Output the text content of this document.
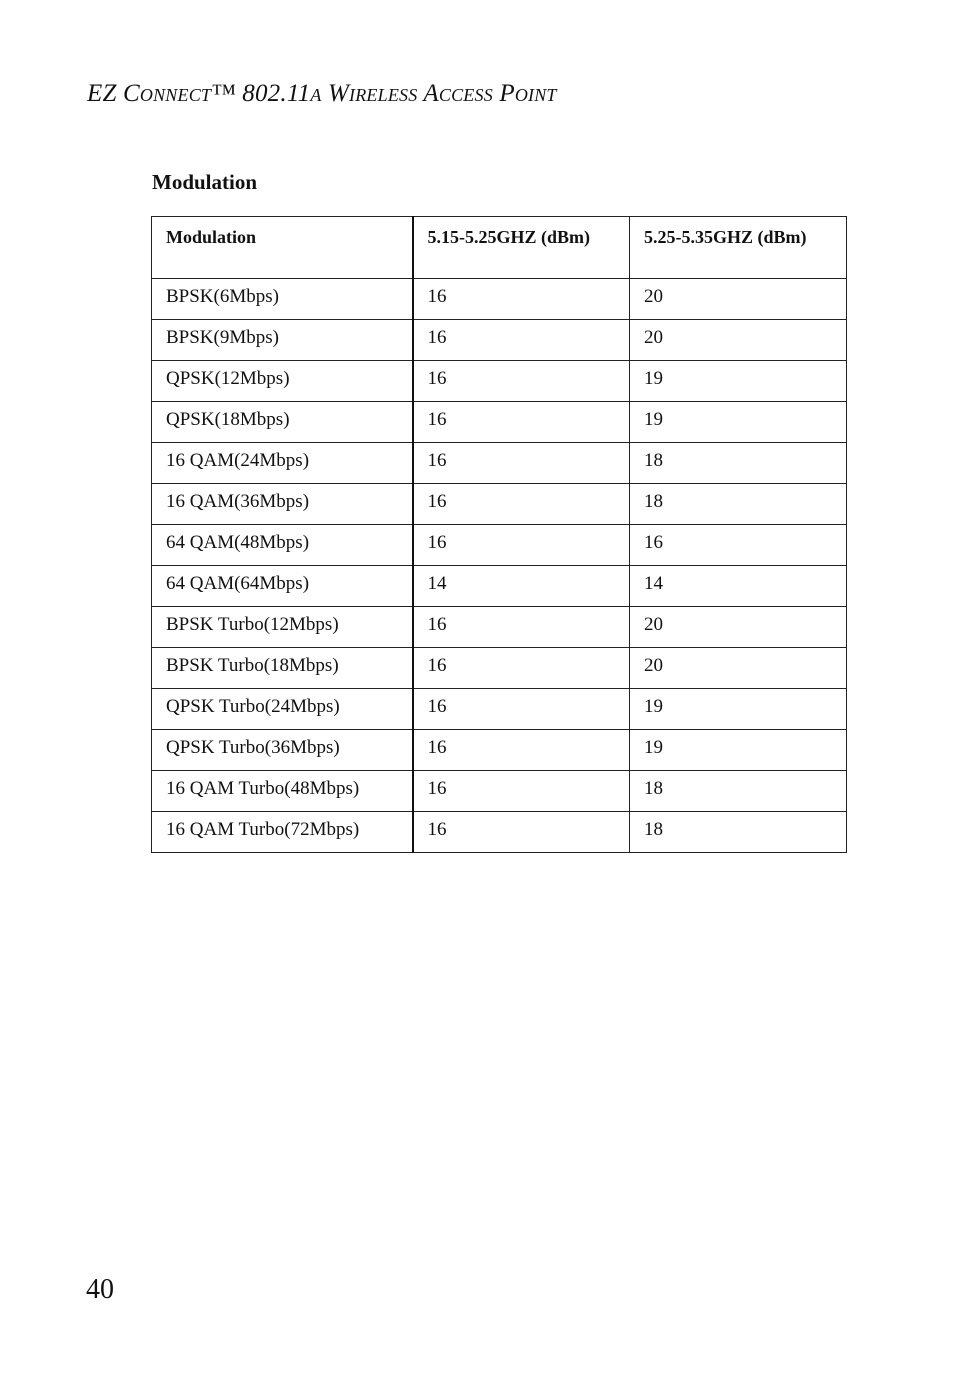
EZ Connect™ 802.11a Wireless Access Point
Modulation
Modulation	5.15-5.25GHZ (dBm)	5.25-5.35GHZ (dBm)
BPSK(6Mbps)	16	20
BPSK(9Mbps)	16	20
QPSK(12Mbps)	16	19
QPSK(18Mbps)	16	19
16 QAM(24Mbps)	16	18
16 QAM(36Mbps)	16	18
64 QAM(48Mbps)	16	16
64 QAM(64Mbps)	14	14
BPSK Turbo(12Mbps)	16	20
BPSK Turbo(18Mbps)	16	20
QPSK Turbo(24Mbps)	16	19
QPSK Turbo(36Mbps)	16	19
16 QAM Turbo(48Mbps)	16	18
16 QAM Turbo(72Mbps)	16	18
40
